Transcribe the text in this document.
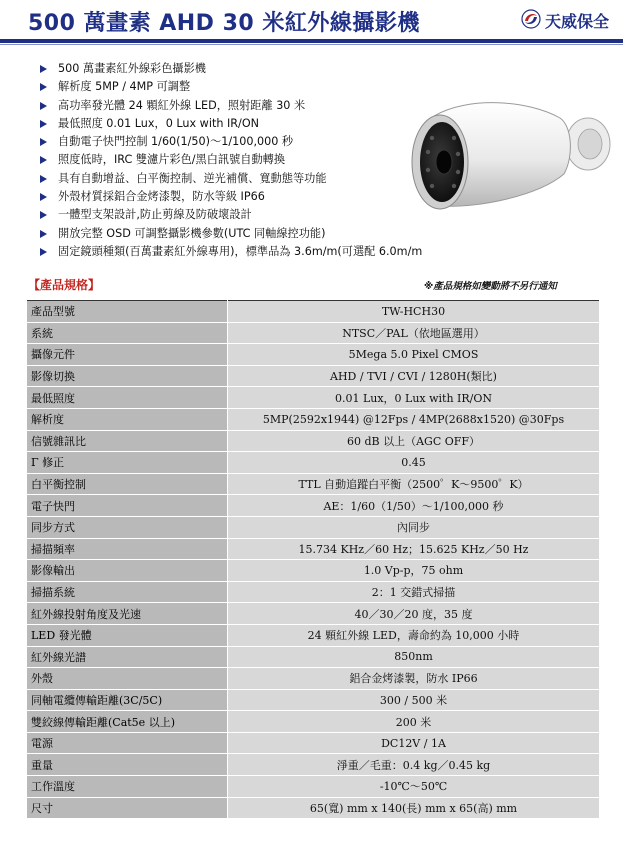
500 萬畫素 AHD 30 米紅外線攝影機	天威保全
500 萬畫素紅外線彩色攝影機
解析度 5MP / 4MP 可調整
高功率發光體 24 顆紅外線 LED，照射距離 30 米
最低照度 0.01 Lux，0 Lux with IR/ON
自動電子快門控制 1/60(1/50)～1/100,000 秒
照度低時，IRC 雙濾片彩色/黑白訊號自動轉換
具有自動增益、白平衡控制、逆光補償、寬動態等功能
外殼材質採鋁合金烤漆製，防水等級 IP66
一體型支架設計,防止剪線及防破壞設計
開放完整 OSD 可調整攝影機參數(UTC 同軸線控功能)
固定鏡頭種類(百萬畫素紅外線專用)，標準品為 3.6m/m(可選配 6.0m/m
【產品規格】	※產品規格如變動將不另行通知
產品型號	TW-HCH30
系統	NTSC／PAL（依地區選用）
攝像元件	5Mega 5.0 Pixel CMOS
影像切換	AHD / TVI / CVI / 1280H(類比)
最低照度	0.01 Lux，0 Lux with IR/ON
解析度	5MP(2592x1944) @12Fps / 4MP(2688x1520) @30Fps
信號雜訊比	60 dB 以上（AGC OFF）
Γ 修正	0.45
白平衡控制	TTL 自動追蹤白平衡（2500゜K～9500゜K）
電子快門	AE：1/60（1/50）～1/100,000 秒
同步方式	內同步
掃描頻率	15.734 KHz／60 Hz；15.625 KHz／50 Hz
影像輸出	1.0 Vp-p，75 ohm
掃描系統	2：1 交錯式掃描
紅外線投射角度及光速	40／30／20 度，35 度
LED 發光體	24 顆紅外線 LED，壽命約為 10,000 小時
紅外線光譜	850nm
外殼	鋁合金烤漆製，防水 IP66
同軸電纜傳輸距離(3C/5C)	300 / 500 米
雙絞線傳輸距離(Cat5e 以上)	200 米
電源	DC12V / 1A
重量	淨重／毛重：0.4 kg／0.45 kg
工作溫度	-10℃～50℃
尺寸	65(寬) mm x 140(長) mm x 65(高) mm
